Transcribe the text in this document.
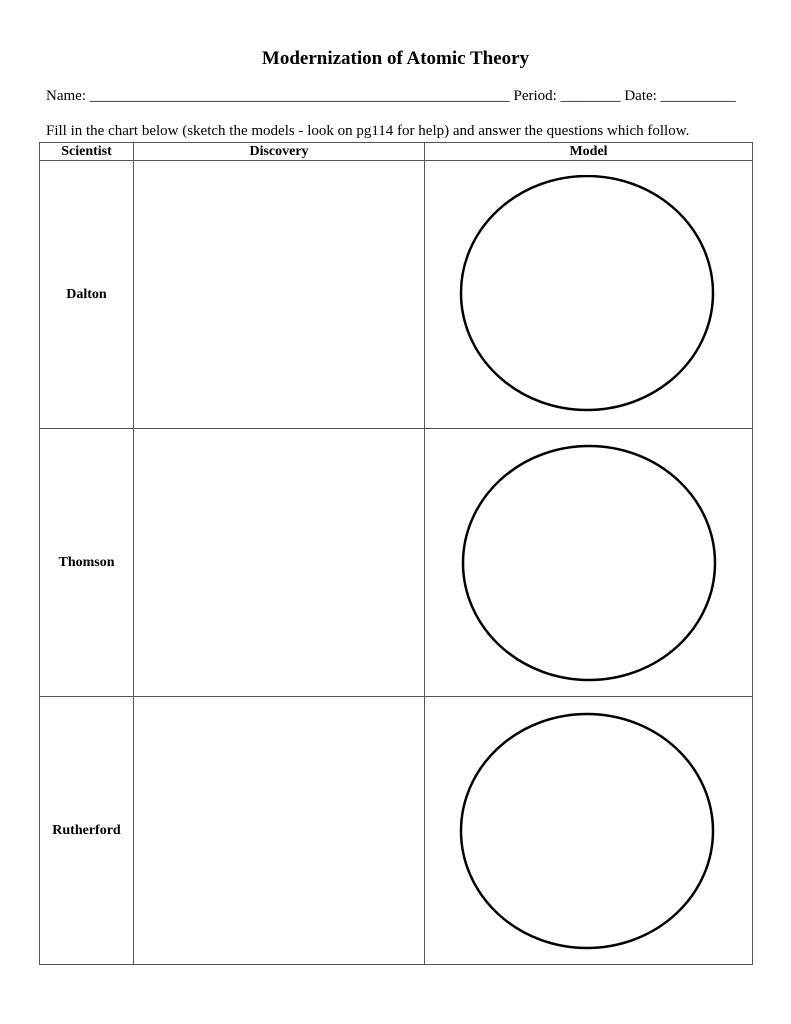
Modernization of Atomic Theory
Name: ________________________________________________________ Period: ________ Date: __________
Fill in the chart below (sketch the models - look on pg114 for help) and answer the questions which follow.
Scientist	Discovery	Model
Dalton		

Thomson		

Rutherford		
